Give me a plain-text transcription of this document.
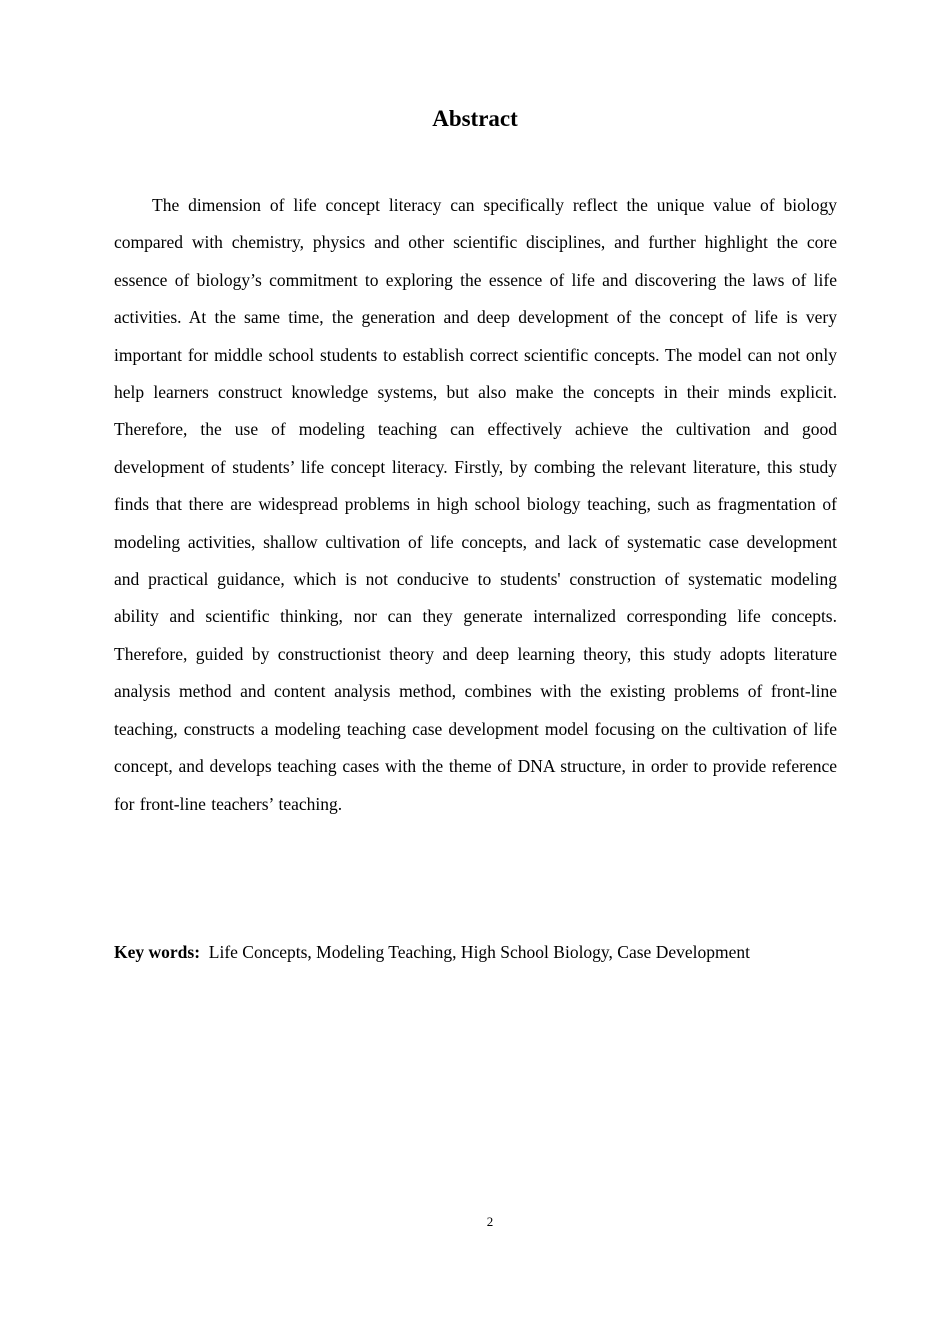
Abstract

The dimension of life concept literacy can specifically reflect the unique value of biology compared with chemistry, physics and other scientific disciplines, and further highlight the core essence of biology’s commitment to exploring the essence of life and discovering the laws of life activities. At the same time, the generation and deep development of the concept of life is very important for middle school students to establish correct scientific concepts. The model can not only help learners construct knowledge systems, but also make the concepts in their minds explicit. Therefore, the use of modeling teaching can effectively achieve the cultivation and good development of students’ life concept literacy. Firstly, by combing the relevant literature, this study finds that there are widespread problems in high school biology teaching, such as fragmentation of modeling activities, shallow cultivation of life concepts, and lack of systematic case development and practical guidance, which is not conducive to students' construction of systematic modeling ability and scientific thinking, nor can they generate internalized corresponding life concepts. Therefore, guided by constructionist theory and deep learning theory, this study adopts literature analysis method and content analysis method, combines with the existing problems of front-line teaching, constructs a modeling teaching case development model focusing on the cultivation of life concept, and develops teaching cases with the theme of DNA structure, in order to provide reference for front-line teachers’ teaching.

Key words: Life Concepts, Modeling Teaching, High School Biology, Case Development

2
